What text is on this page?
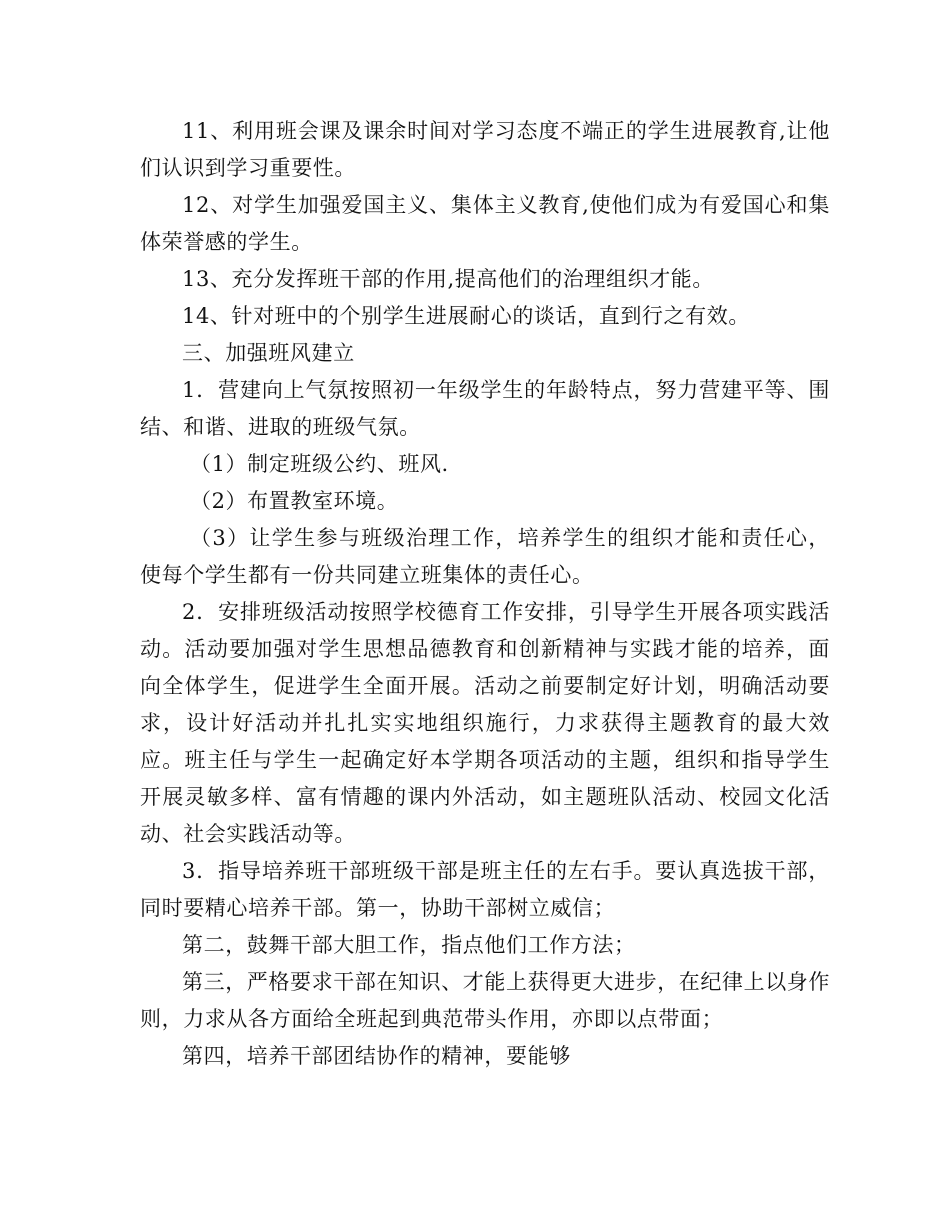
11、利用班会课及课余时间对学习态度不端正的学生进展教育,让他们认识到学习重要性。

12、对学生加强爱国主义、集体主义教育,使他们成为有爱国心和集体荣誉感的学生。

13、充分发挥班干部的作用,提高他们的治理组织才能。

14、针对班中的个别学生进展耐心的谈话，直到行之有效。

三、加强班风建立

1．营建向上气氛按照初一年级学生的年龄特点，努力营建平等、围结、和谐、进取的班级气氛。

（1）制定班级公约、班风.

（2）布置教室环境。

（3）让学生参与班级治理工作，培养学生的组织才能和责任心，使每个学生都有一份共同建立班集体的责任心。

2．安排班级活动按照学校德育工作安排，引导学生开展各项实践活动。活动要加强对学生思想品德教育和创新精神与实践才能的培养，面向全体学生，促进学生全面开展。活动之前要制定好计划，明确活动要求，设计好活动并扎扎实实地组织施行，力求获得主题教育的最大效应。班主任与学生一起确定好本学期各项活动的主题，组织和指导学生开展灵敏多样、富有情趣的课内外活动，如主题班队活动、校园文化活动、社会实践活动等。

3．指导培养班干部班级干部是班主任的左右手。要认真选拔干部，同时要精心培养干部。第一，协助干部树立威信；

第二，鼓舞干部大胆工作，指点他们工作方法；

第三，严格要求干部在知识、才能上获得更大进步，在纪律上以身作则，力求从各方面给全班起到典范带头作用，亦即以点带面；

第四，培养干部团结协作的精神，要能够
